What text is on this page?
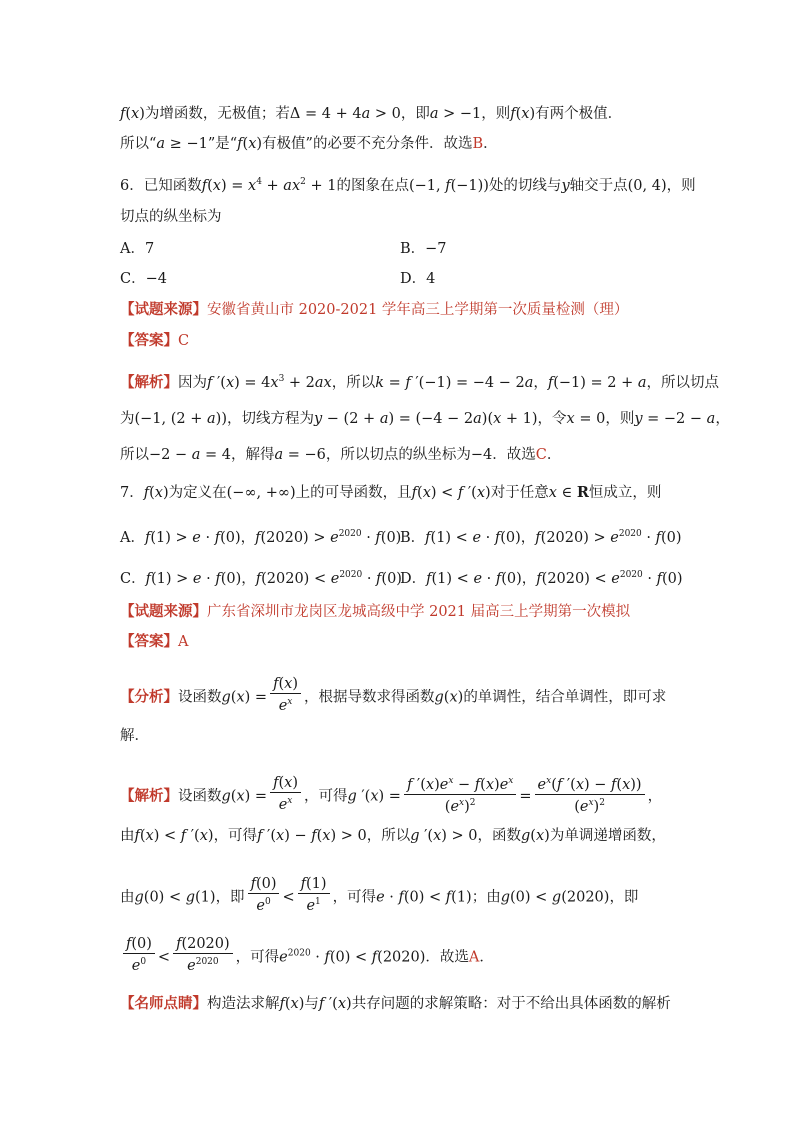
f(x)为增函数，无极值；若Δ = 4 + 4a > 0，即a > −1，则f(x)有两个极值．
所以“a ≥ −1”是“f(x)有极值”的必要不充分条件．故选B．
6．已知函数$f(x) = x^4 + ax^2 + 1$的图象在点(−1, f(−1))处的切线与y轴交于点(0, 4)，则
切点的纵坐标为
A．7	B．−7
C．−4	D．4
【试题来源】安徽省黄山市 2020-2021 学年高三上学期第一次质量检测（理）
【答案】C
【解析】因为f $'(x) = 4x^3 + 2ax$，所以k = f ′(−1) = −4 − 2a，f(−1) = 2 + a，所以切点
为(−1, (2 + a))，切线方程为y − (2 + a) = (−4 − 2a)(x + 1)，令x = 0，则y = −2 − a，
所以−2 − a = 4，解得a = −6，所以切点的纵坐标为−4．故选C．
7．f(x)为定义在(−∞, +∞)上的可导函数，且f(x) < f ′(x)对于任意x ∈ R恒成立，则
A．f(1) > e · f(0)，$f(2020) > e^{2020} \cdot f(0)$
B．f(1) < e · f(0)，$f(2020) > e^{2020} \cdot f(0)$
C．f(1) > e · f(0)，$f(2020) < e^{2020} \cdot f(0)$
D．f(1) < e · f(0)，$f(2020) < e^{2020} \cdot f(0)$
【试题来源】广东省深圳市龙岗区龙城高级中学 2021 届高三上学期第一次模拟
【答案】A
【分析】设函数$g(x) = \frac{f(x)}{e^x}$ ，根据导数求得函数g(x)的单调性，结合单调性，即可求
解．
【解析】设函数$g(x) = \frac{f(x)}{e^x}$ ，可得g $'(x) = \frac{f '(x)e^x - f(x)e^x}{(e^x)^2} = \frac{e^x(f '(x) - f(x))}{(e^x)^2}$ ，
由f(x) < f ′(x)，可得f ′(x) − f(x) > 0，所以g ′(x) > 0，函数g(x)为单调递增函数，
由g(0) < g(1)，即 $\frac{f(0)}{e^0} < \frac{f(1)}{e^1}$ ，可得e · f(0) < f(1)；由g(0) < g(2020)，即
$\frac{f(0)}{e^0} < \frac{f(2020)}{e^{2020}}$ ，可得$e^{2020} \cdot f(0) < f(2020)$．故选A．
【名师点睛】构造法求解f(x)与f ′(x)共存问题的求解策略：对于不给出具体函数的解析
